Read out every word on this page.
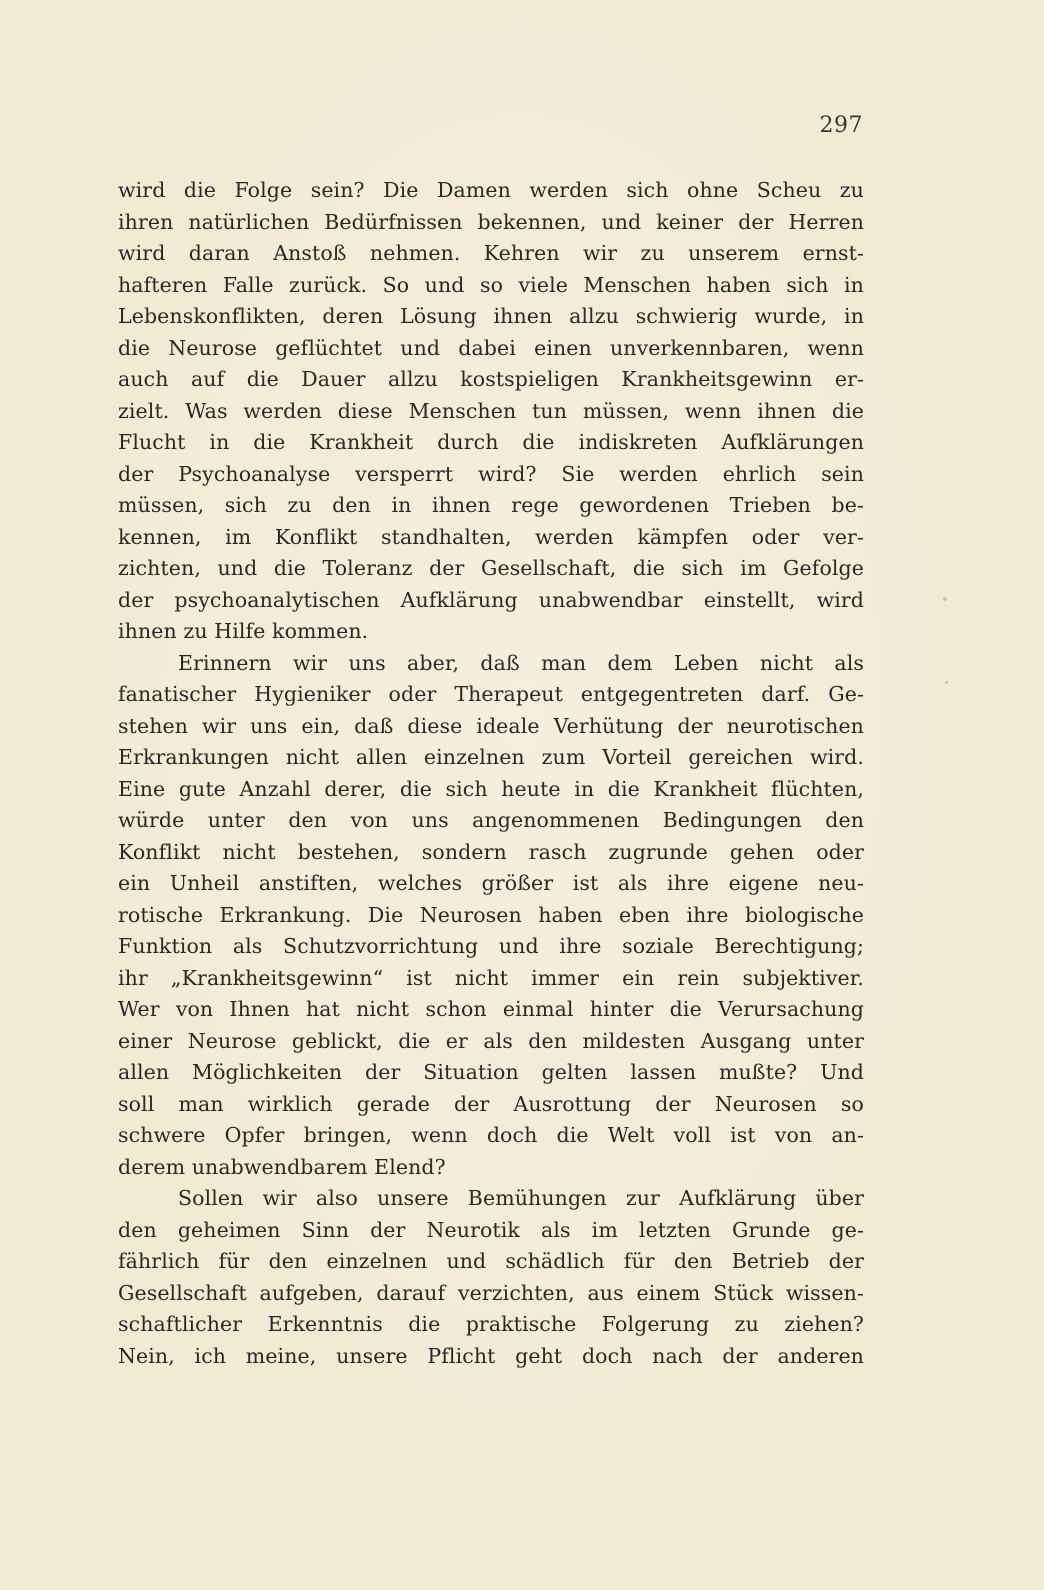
297
wird die Folge sein? Die Damen werden sich ohne Scheu zu
ihren natürlichen Bedürfnissen bekennen, und keiner der Herren
wird daran Anstoß nehmen. Kehren wir zu unserem ernst-
hafteren Falle zurück. So und so viele Menschen haben sich in
Lebenskonflikten, deren Lösung ihnen allzu schwierig wurde, in
die Neurose geflüchtet und dabei einen unverkennbaren, wenn
auch auf die Dauer allzu kostspieligen Krankheitsgewinn er-
zielt. Was werden diese Menschen tun müssen, wenn ihnen die
Flucht in die Krankheit durch die indiskreten Aufklärungen
der Psychoanalyse versperrt wird? Sie werden ehrlich sein
müssen, sich zu den in ihnen rege gewordenen Trieben be-
kennen, im Konflikt standhalten, werden kämpfen oder ver-
zichten, und die Toleranz der Gesellschaft, die sich im Gefolge
der psychoanalytischen Aufklärung unabwendbar einstellt, wird
ihnen zu Hilfe kommen.
Erinnern wir uns aber, daß man dem Leben nicht als
fanatischer Hygieniker oder Therapeut entgegentreten darf. Ge-
stehen wir uns ein, daß diese ideale Verhütung der neurotischen
Erkrankungen nicht allen einzelnen zum Vorteil gereichen wird.
Eine gute Anzahl derer, die sich heute in die Krankheit flüchten,
würde unter den von uns angenommenen Bedingungen den
Konflikt nicht bestehen, sondern rasch zugrunde gehen oder
ein Unheil anstiften, welches größer ist als ihre eigene neu-
rotische Erkrankung. Die Neurosen haben eben ihre biologische
Funktion als Schutzvorrichtung und ihre soziale Berechtigung;
ihr „Krankheitsgewinn“ ist nicht immer ein rein subjektiver.
Wer von Ihnen hat nicht schon einmal hinter die Verursachung
einer Neurose geblickt, die er als den mildesten Ausgang unter
allen Möglichkeiten der Situation gelten lassen mußte? Und
soll man wirklich gerade der Ausrottung der Neurosen so
schwere Opfer bringen, wenn doch die Welt voll ist von an-
derem unabwendbarem Elend?
Sollen wir also unsere Bemühungen zur Aufklärung über
den geheimen Sinn der Neurotik als im letzten Grunde ge-
fährlich für den einzelnen und schädlich für den Betrieb der
Gesellschaft aufgeben, darauf verzichten, aus einem Stück wissen-
schaftlicher Erkenntnis die praktische Folgerung zu ziehen?
Nein, ich meine, unsere Pflicht geht doch nach der anderen
